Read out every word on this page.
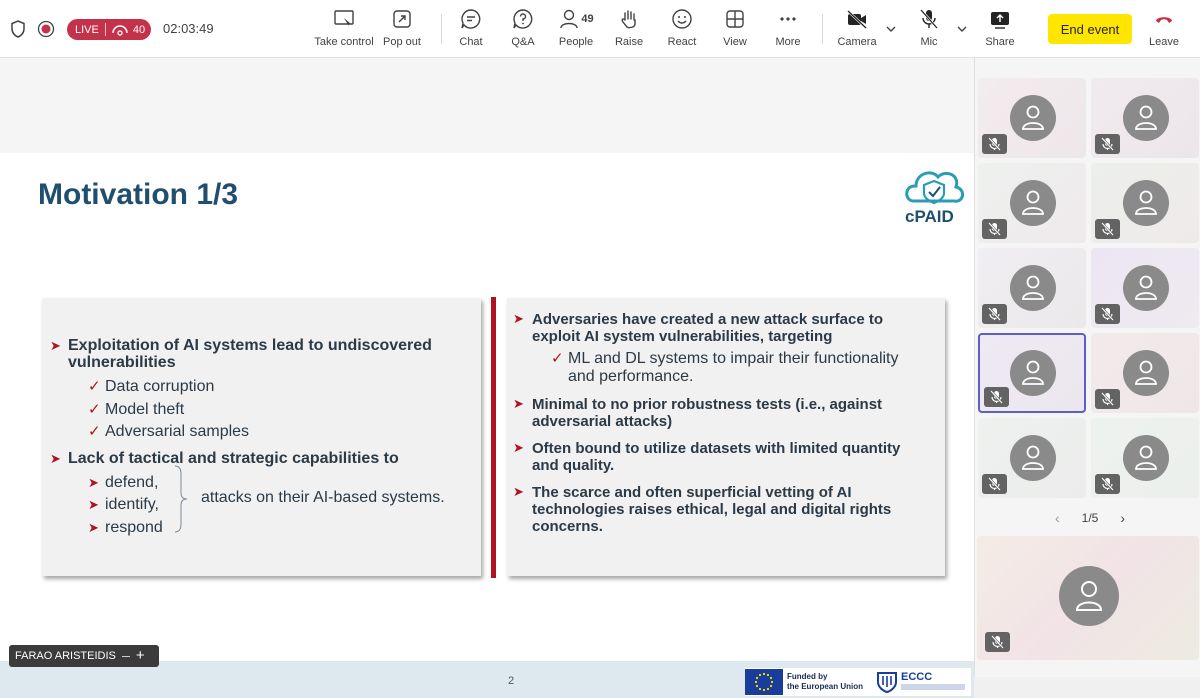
LIVE	40 02:03:49
Take control Pop out	Chat	Q&A
49
People Raise React View	More	Camera	Mic	Share
End event
Leave
Motivation 1/3
cPAID
➤ Exploitation of AI systems lead to undiscovered
vulnerabilities
✓ Data corruption
✓ Model theft
✓ Adversarial samples
➤ Lack of tactical and strategic capabilities to
➤ defend,
➤ identify,
➤ respond
attacks on their AI-based systems.
➤ Adversaries have created a new attack surface to
exploit AI system vulnerabilities, targeting
✓ ML and DL systems to impair their functionality
and performance.
➤ Minimal to no prior robustness tests (i.e., against
adversarial attacks)
➤ Often bound to utilize datasets with limited quantity
and quality.
➤ The scarce and often superficial vetting of AI
technologies raises ethical, legal and digital rights
concerns.
2	Funded by
the European Union
ECCC
FARAO ARISTEIDIS +
‹ 1/5 ›
